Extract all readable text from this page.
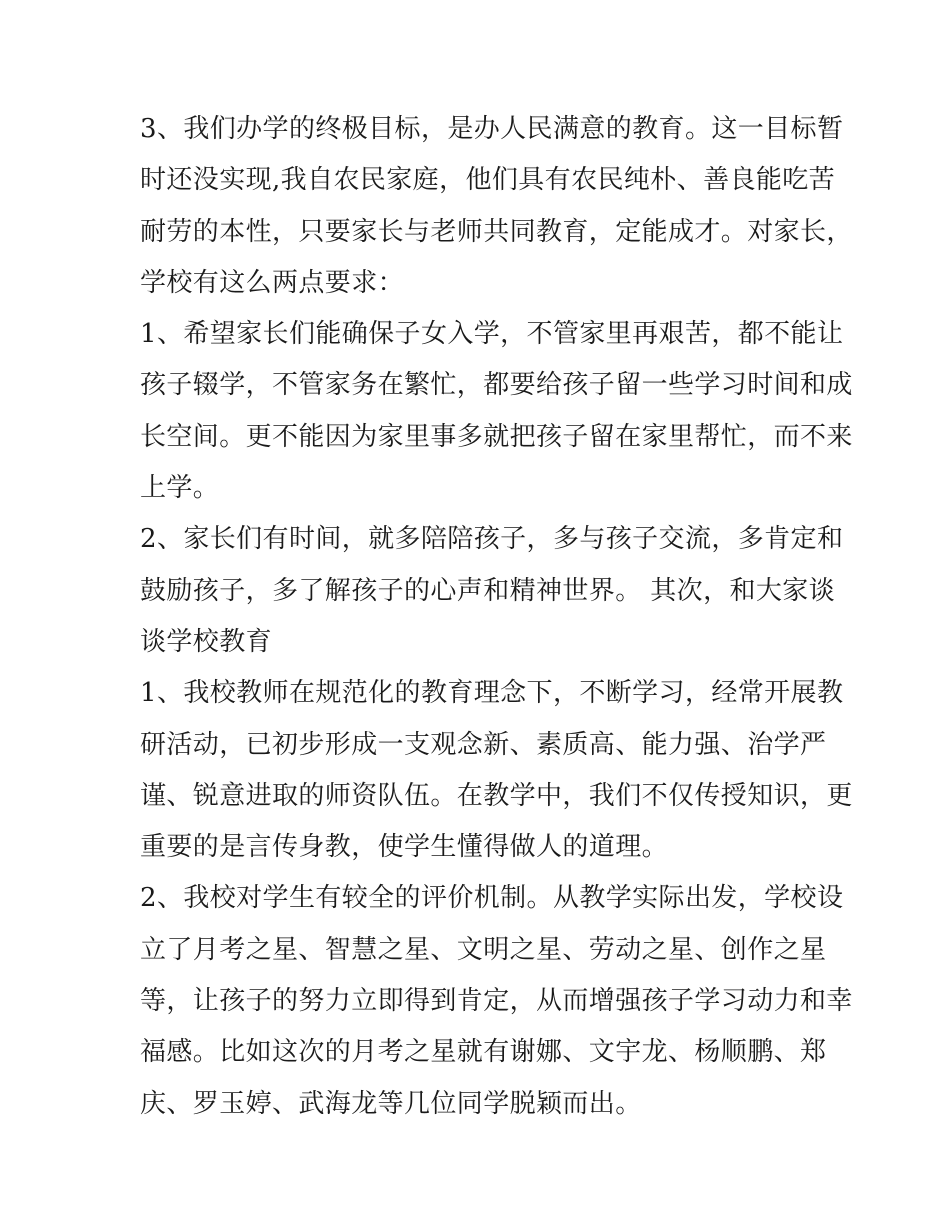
3、我们办学的终极目标，是办人民满意的教育。这一目标暂
时还没实现,我自农民家庭，他们具有农民纯朴、善良能吃苦
耐劳的本性，只要家长与老师共同教育，定能成才。对家长，
学校有这么两点要求：
1、希望家长们能确保子女入学，不管家里再艰苦，都不能让
孩子辍学，不管家务在繁忙，都要给孩子留一些学习时间和成
长空间。更不能因为家里事多就把孩子留在家里帮忙，而不来
上学。
2、家长们有时间，就多陪陪孩子，多与孩子交流，多肯定和
鼓励孩子，多了解孩子的心声和精神世界。 其次，和大家谈
谈学校教育
1、我校教师在规范化的教育理念下，不断学习，经常开展教
研活动，已初步形成一支观念新、素质高、能力强、治学严
谨、锐意进取的师资队伍。在教学中，我们不仅传授知识，更
重要的是言传身教，使学生懂得做人的道理。
2、我校对学生有较全的评价机制。从教学实际出发，学校设
立了月考之星、智慧之星、文明之星、劳动之星、创作之星
等，让孩子的努力立即得到肯定，从而增强孩子学习动力和幸
福感。比如这次的月考之星就有谢娜、文宇龙、杨顺鹏、郑
庆、罗玉婷、武海龙等几位同学脱颖而出。
